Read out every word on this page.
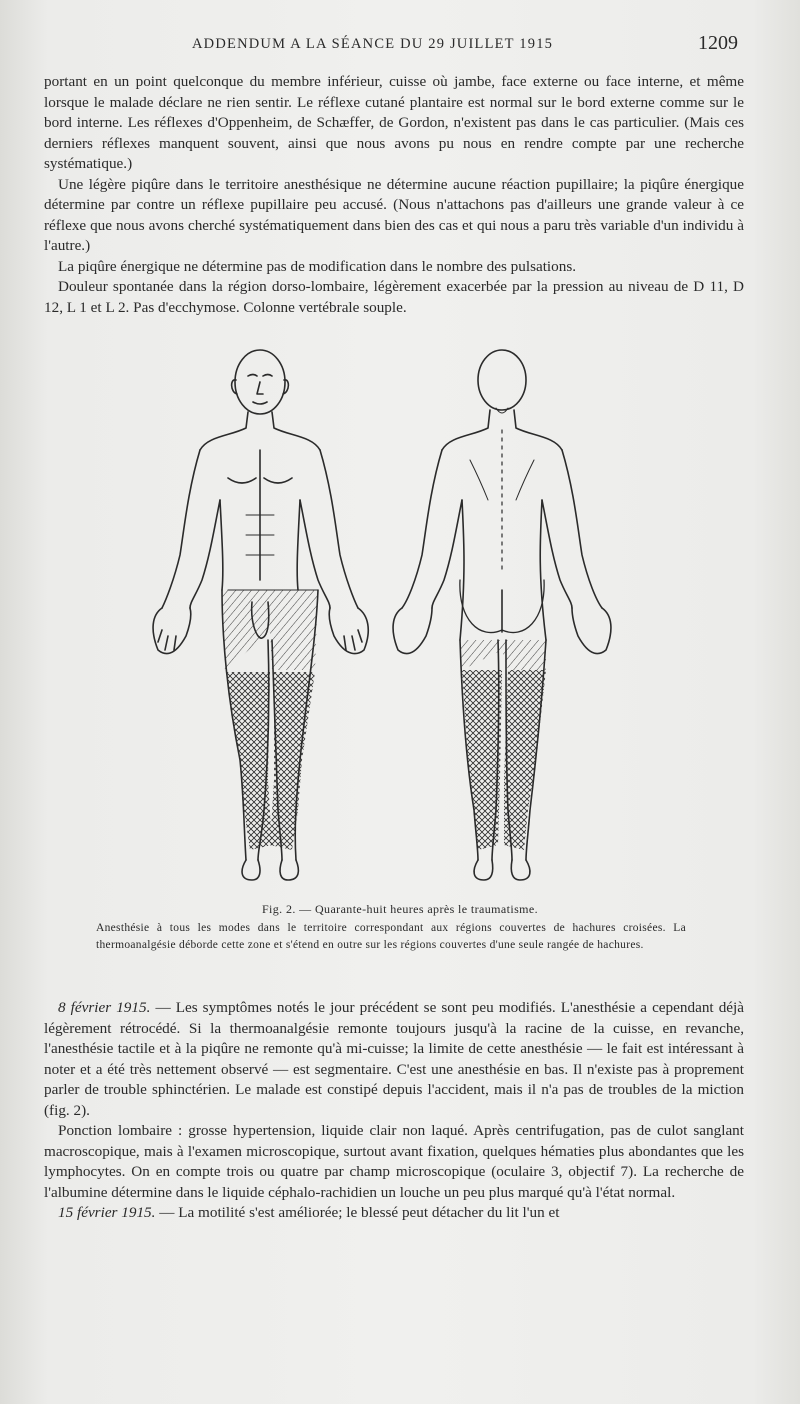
ADDENDUM A LA SÉANCE DU 29 JUILLET 1915	1209

portant en un point quelconque du membre inférieur, cuisse où jambe, face externe ou face interne, et même lorsque le malade déclare ne rien sentir. Le réflexe cutané plantaire est normal sur le bord externe comme sur le bord interne. Les réflexes d'Oppenheim, de Schæffer, de Gordon, n'existent pas dans le cas particulier. (Mais ces derniers réflexes manquent souvent, ainsi que nous avons pu nous en rendre compte par une recherche systématique.)

Une légère piqûre dans le territoire anesthésique ne détermine aucune réaction pupillaire; la piqûre énergique détermine par contre un réflexe pupillaire peu accusé. (Nous n'attachons pas d'ailleurs une grande valeur à ce réflexe que nous avons cherché systématiquement dans bien des cas et qui nous a paru très variable d'un individu à l'autre.)

La piqûre énergique ne détermine pas de modification dans le nombre des pulsations.

Douleur spontanée dans la région dorso-lombaire, légèrement exacerbée par la pression au niveau de D 11, D 12, L 1 et L 2. Pas d'ecchymose. Colonne vertébrale souple.

Fig. 2. — Quarante-huit heures après le traumatisme.
Anesthésie à tous les modes dans le territoire correspondant aux régions couvertes de hachures croisées. La thermoanalgésie déborde cette zone et s'étend en outre sur les régions couvertes d'une seule rangée de hachures.

8 février 1915. — Les symptômes notés le jour précédent se sont peu modifiés. L'anesthésie a cependant déjà légèrement rétrocédé. Si la thermoanalgésie remonte toujours jusqu'à la racine de la cuisse, en revanche, l'anesthésie tactile et à la piqûre ne remonte qu'à mi-cuisse; la limite de cette anesthésie — le fait est intéressant à noter et a été très nettement observé — est segmentaire. C'est une anesthésie en bas. Il n'existe pas à proprement parler de trouble sphinctérien. Le malade est constipé depuis l'accident, mais il n'a pas de troubles de la miction (fig. 2).

Ponction lombaire : grosse hypertension, liquide clair non laqué. Après centrifugation, pas de culot sanglant macroscopique, mais à l'examen microscopique, surtout avant fixation, quelques hématies plus abondantes que les lymphocytes. On en compte trois ou quatre par champ microscopique (oculaire 3, objectif 7). La recherche de l'albumine détermine dans le liquide céphalo-rachidien un louche un peu plus marqué qu'à l'état normal.

15 février 1915. — La motilité s'est améliorée; le blessé peut détacher du lit l'un et
